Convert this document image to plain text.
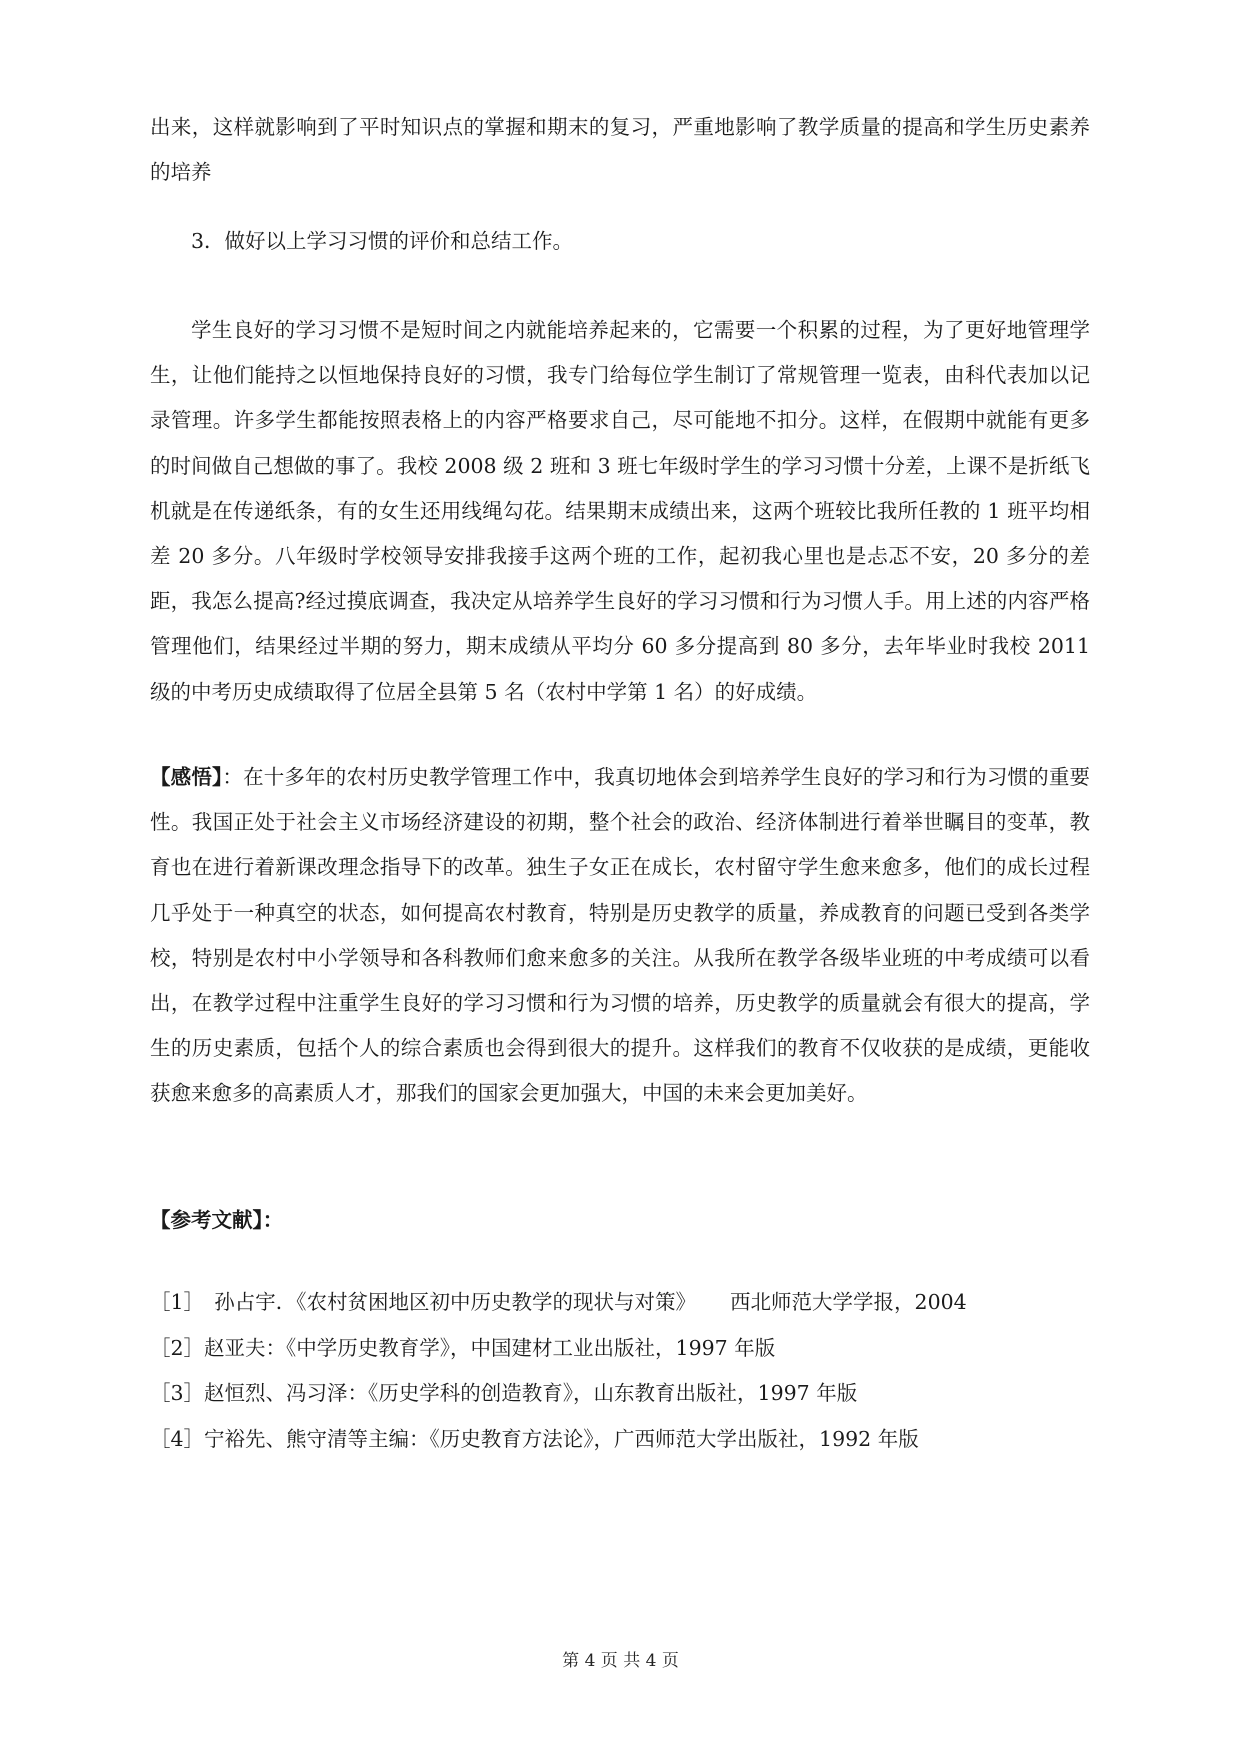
出来，这样就影响到了平时知识点的掌握和期末的复习，严重地影响了教学质量的提高和学生历史素养的培养

3．做好以上学习习惯的评价和总结工作。

学生良好的学习习惯不是短时间之内就能培养起来的，它需要一个积累的过程，为了更好地管理学生，让他们能持之以恒地保持良好的习惯，我专门给每位学生制订了常规管理一览表，由科代表加以记录管理。许多学生都能按照表格上的内容严格要求自己，尽可能地不扣分。这样，在假期中就能有更多的时间做自己想做的事了。我校 2008 级 2 班和 3 班七年级时学生的学习习惯十分差，上课不是折纸飞机就是在传递纸条，有的女生还用线绳勾花。结果期末成绩出来，这两个班较比我所任教的 1 班平均相差 20 多分。八年级时学校领导安排我接手这两个班的工作，起初我心里也是忐忑不安，20 多分的差距，我怎么提高?经过摸底调查，我决定从培养学生良好的学习习惯和行为习惯人手。用上述的内容严格管理他们，结果经过半期的努力，期末成绩从平均分 60 多分提高到 80 多分，去年毕业时我校 2011 级的中考历史成绩取得了位居全县第 5 名（农村中学第 1 名）的好成绩。

【感悟】：在十多年的农村历史教学管理工作中，我真切地体会到培养学生良好的学习和行为习惯的重要性。我国正处于社会主义市场经济建设的初期，整个社会的政治、经济体制进行着举世瞩目的变革，教育也在进行着新课改理念指导下的改革。独生子女正在成长，农村留守学生愈来愈多，他们的成长过程几乎处于一种真空的状态，如何提高农村教育，特别是历史教学的质量，养成教育的问题已受到各类学校，特别是农村中小学领导和各科教师们愈来愈多的关注。从我所在教学各级毕业班的中考成绩可以看出，在教学过程中注重学生良好的学习习惯和行为习惯的培养，历史教学的质量就会有很大的提高，学生的历史素质，包括个人的综合素质也会得到很大的提升。这样我们的教育不仅收获的是成绩，更能收获愈来愈多的高素质人才，那我们的国家会更加强大，中国的未来会更加美好。

【参考文献】：

［1］　孙占宇．《农村贫困地区初中历史教学的现状与对策》 西北师范大学学报，2004
［2］赵亚夫：《中学历史教育学》，中国建材工业出版社，1997 年版
［3］赵恒烈、冯习泽：《历史学科的创造教育》，山东教育出版社，1997 年版
［4］宁裕先、熊守清等主编：《历史教育方法论》，广西师范大学出版社，1992 年版
第 4 页 共 4 页
